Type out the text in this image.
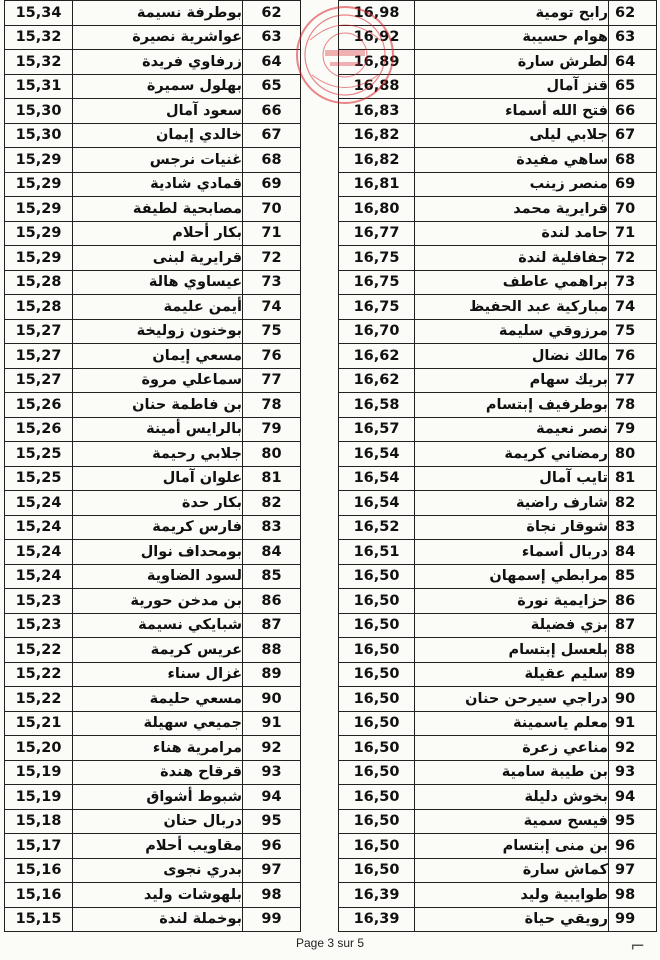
15,34	بوطرفة نسيمة	62
15,32	عواشرية نصيرة	63
15,32	زرفاوي فريدة	64
15,31	بهلول سميرة	65
15,30	سعود آمال	66
15,30	خالدي إيمان	67
15,29	غنيات نرجس	68
15,29	قمادي شادية	69
15,29	مصابحية لطيفة	70
15,29	بكار أحلام	71
15,29	قرايرية لبنى	72
15,28	عيساوي هالة	73
15,28	أيمن عليمة	74
15,27	بوخنون زوليخة	75
15,27	مسعي إيمان	76
15,27	سماعلي مروة	77
15,26	بن فاطمة حنان	78
15,26	بالرايس أمينة	79
15,25	جلابي رحيمة	80
15,25	علوان آمال	81
15,24	بكار حدة	82
15,24	فارس كريمة	83
15,24	بومحداف نوال	84
15,24	لسود الضاوية	85
15,23	بن مدخن حورية	86
15,23	شبايكي نسيمة	87
15,22	عريس كريمة	88
15,22	غزال سناء	89
15,22	مسعي حليمة	90
15,21	جميعي سهيلة	91
15,20	مرامرية هناء	92
15,19	قرقاح هندة	93
15,19	شبوط أشواق	94
15,18	دربال حنان	95
15,17	مقاويب أحلام	96
15,16	بدري نجوى	97
15,16	بلهوشات وليد	98
15,15	بوخملة لندة	99
16,98	رابح تومية	62
16,92	هوام حسيبة	63
16,89	لطرش سارة	64
16,88	قنز آمال	65
16,83	فتح الله أسماء	66
16,82	جلابي ليلى	67
16,82	ساهي مفيدة	68
16,81	منصر زينب	69
16,80	قرايرية محمد	70
16,77	حامد لندة	71
16,75	جفافلية لندة	72
16,75	براهمي عاطف	73
16,75	مباركية عبد الحفيظ	74
16,70	مرزوقي سليمة	75
16,62	مالك نضال	76
16,62	بريك سهام	77
16,58	بوطرفيف إبتسام	78
16,57	نصر نعيمة	79
16,54	رمضاني كريمة	80
16,54	تايب آمال	81
16,54	شارف راضية	82
16,52	شوقار نجاة	83
16,51	دربال أسماء	84
16,50	مرابطي إسمهان	85
16,50	حزايمية نورة	86
16,50	بزي فضيلة	87
16,50	بلعسل إبتسام	88
16,50	سليم عقيلة	89
16,50	دراجي سيرحن حنان	90
16,50	معلم ياسمينة	91
16,50	مناعي زعرة	92
16,50	بن طيبة سامية	93
16,50	بخوش دليلة	94
16,50	فيسح سمية	95
16,50	بن منى إبتسام	96
16,50	كماش سارة	97
16,39	طوايبية وليد	98
16,39	رويقي حياة	99
Page 3 sur 5	⌐
